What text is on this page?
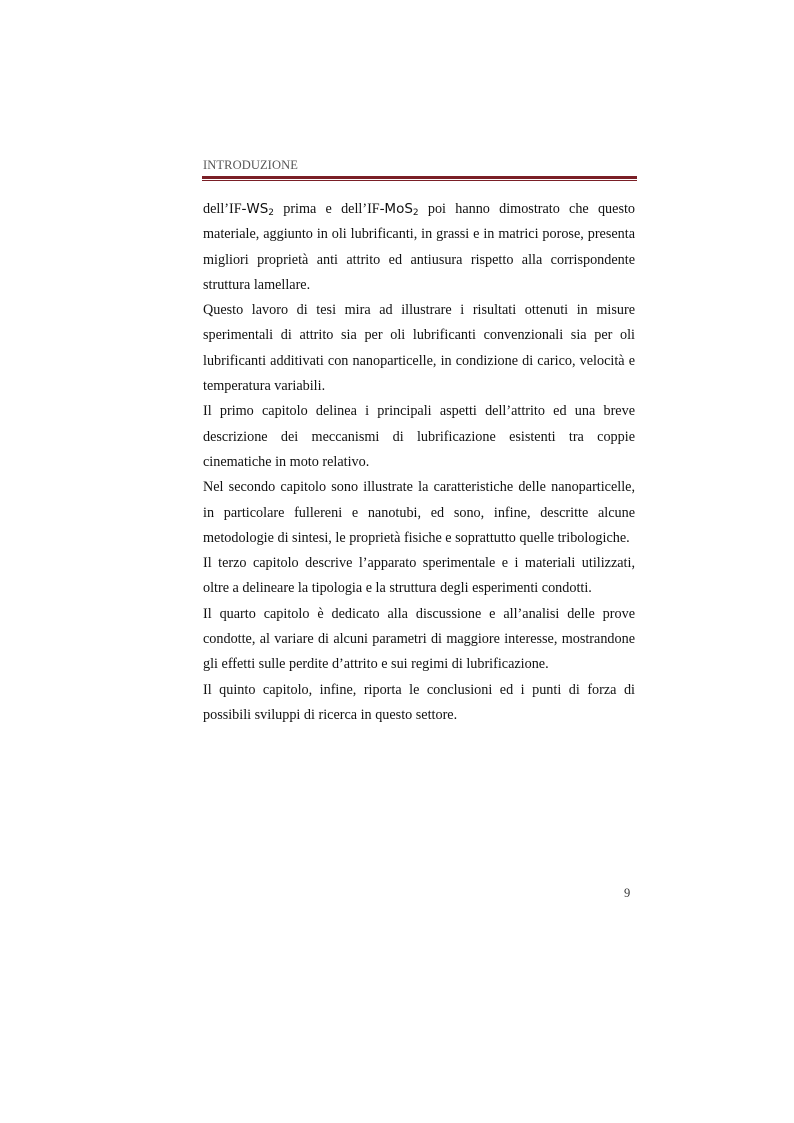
INTRODUZIONE

$dell’IF-WS_2$ prima e dell’IF-MoS$_2$ poi hanno dimostrato che questo materiale, aggiunto in oli lubrificanti, in grassi e in matrici porose, presenta migliori proprietà anti attrito ed antiusura rispetto alla corrispondente struttura lamellare.

Questo lavoro di tesi mira ad illustrare i risultati ottenuti in misure sperimentali di attrito sia per oli lubrificanti convenzionali sia per oli lubrificanti additivati con nanoparticelle, in condizione di carico, velocità e temperatura variabili.

Il primo capitolo delinea i principali aspetti dell’attrito ed una breve descrizione dei meccanismi di lubrificazione esistenti tra coppie cinematiche in moto relativo.

Nel secondo capitolo sono illustrate la caratteristiche delle nanoparticelle, in particolare fullereni e nanotubi, ed sono, infine, descritte alcune metodologie di sintesi, le proprietà fisiche e soprattutto quelle tribologiche.

Il terzo capitolo descrive l’apparato sperimentale e i materiali utilizzati, oltre a delineare la tipologia e la struttura degli esperimenti condotti.

Il quarto capitolo è dedicato alla discussione e all’analisi delle prove condotte, al variare di alcuni parametri di maggiore interesse, mostrandone gli effetti sulle perdite d’attrito e sui regimi di lubrificazione.

Il quinto capitolo, infine, riporta le conclusioni ed i punti di forza di possibili sviluppi di ricerca in questo settore.

9
